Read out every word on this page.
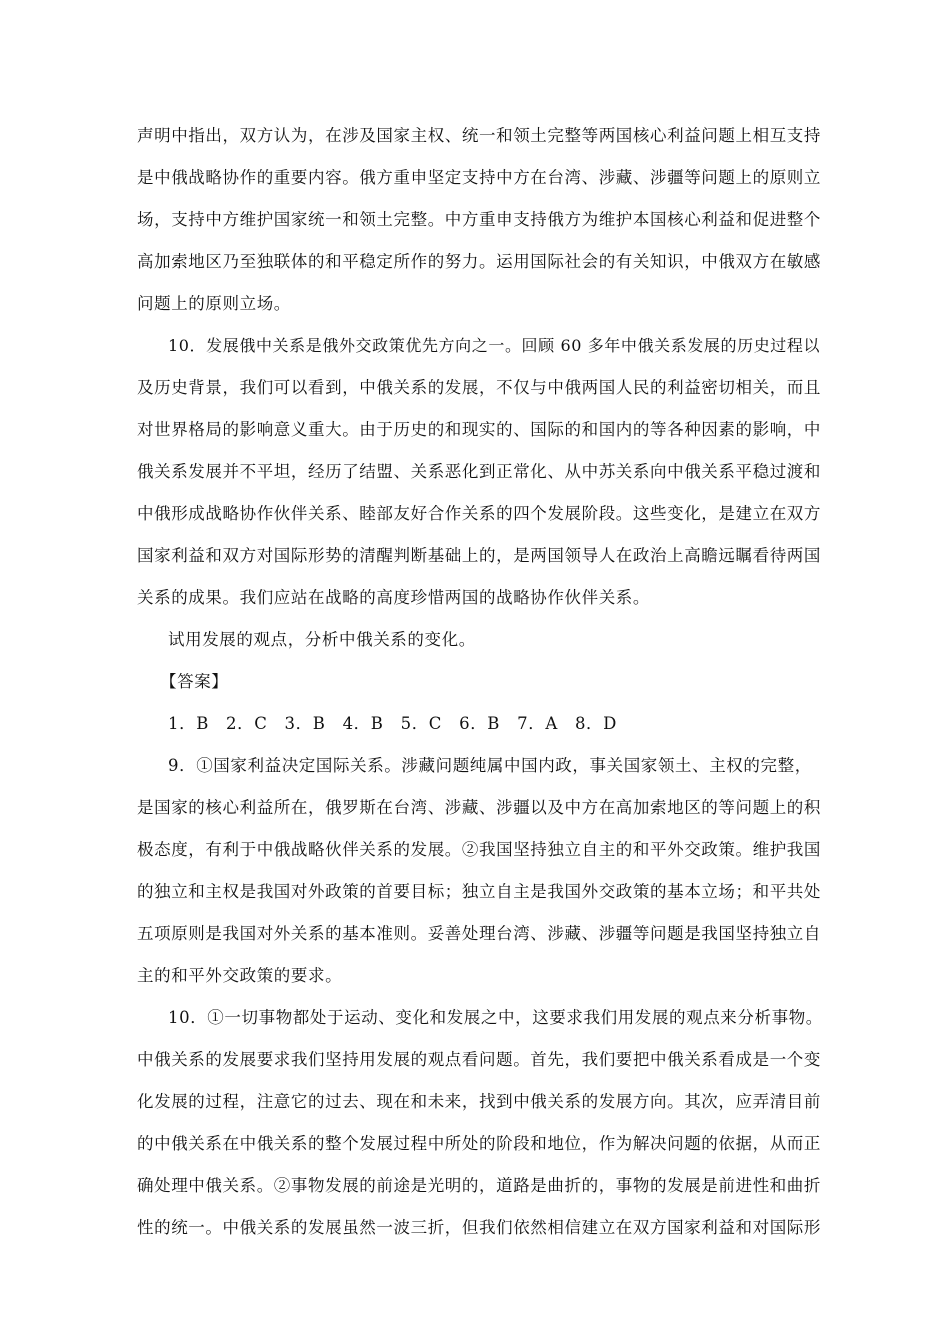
声明中指出，双方认为，在涉及国家主权、统一和领土完整等两国核心利益问题上相互支持
是中俄战略协作的重要内容。俄方重申坚定支持中方在台湾、涉藏、涉疆等问题上的原则立
场，支持中方维护国家统一和领土完整。中方重申支持俄方为维护本国核心利益和促进整个
高加索地区乃至独联体的和平稳定所作的努力。运用国际社会的有关知识，中俄双方在敏感
问题上的原则立场。
10．发展俄中关系是俄外交政策优先方向之一。回顾 60 多年中俄关系发展的历史过程以
及历史背景，我们可以看到，中俄关系的发展，不仅与中俄两国人民的利益密切相关，而且
对世界格局的影响意义重大。由于历史的和现实的、国际的和国内的等各种因素的影响，中
俄关系发展并不平坦，经历了结盟、关系恶化到正常化、从中苏关系向中俄关系平稳过渡和
中俄形成战略协作伙伴关系、睦部友好合作关系的四个发展阶段。这些变化，是建立在双方
国家利益和双方对国际形势的清醒判断基础上的，是两国领导人在政治上高瞻远瞩看待两国
关系的成果。我们应站在战略的高度珍惜两国的战略协作伙伴关系。
试用发展的观点，分析中俄关系的变化。
【答案】
1．B　2．C　3．B　4．B　5．C　6．B　7．A　8．D
9．①国家利益决定国际关系。涉藏问题纯属中国内政，事关国家领土、主权的完整，
是国家的核心利益所在，俄罗斯在台湾、涉藏、涉疆以及中方在高加索地区的等问题上的积
极态度，有利于中俄战略伙伴关系的发展。②我国坚持独立自主的和平外交政策。维护我国
的独立和主权是我国对外政策的首要目标；独立自主是我国外交政策的基本立场；和平共处
五项原则是我国对外关系的基本准则。妥善处理台湾、涉藏、涉疆等问题是我国坚持独立自
主的和平外交政策的要求。
10．①一切事物都处于运动、变化和发展之中，这要求我们用发展的观点来分析事物。
中俄关系的发展要求我们坚持用发展的观点看问题。首先，我们要把中俄关系看成是一个变
化发展的过程，注意它的过去、现在和未来，找到中俄关系的发展方向。其次，应弄清目前
的中俄关系在中俄关系的整个发展过程中所处的阶段和地位，作为解决问题的依据，从而正
确处理中俄关系。②事物发展的前途是光明的，道路是曲折的，事物的发展是前进性和曲折
性的统一。中俄关系的发展虽然一波三折，但我们依然相信建立在双方国家利益和对国际形
